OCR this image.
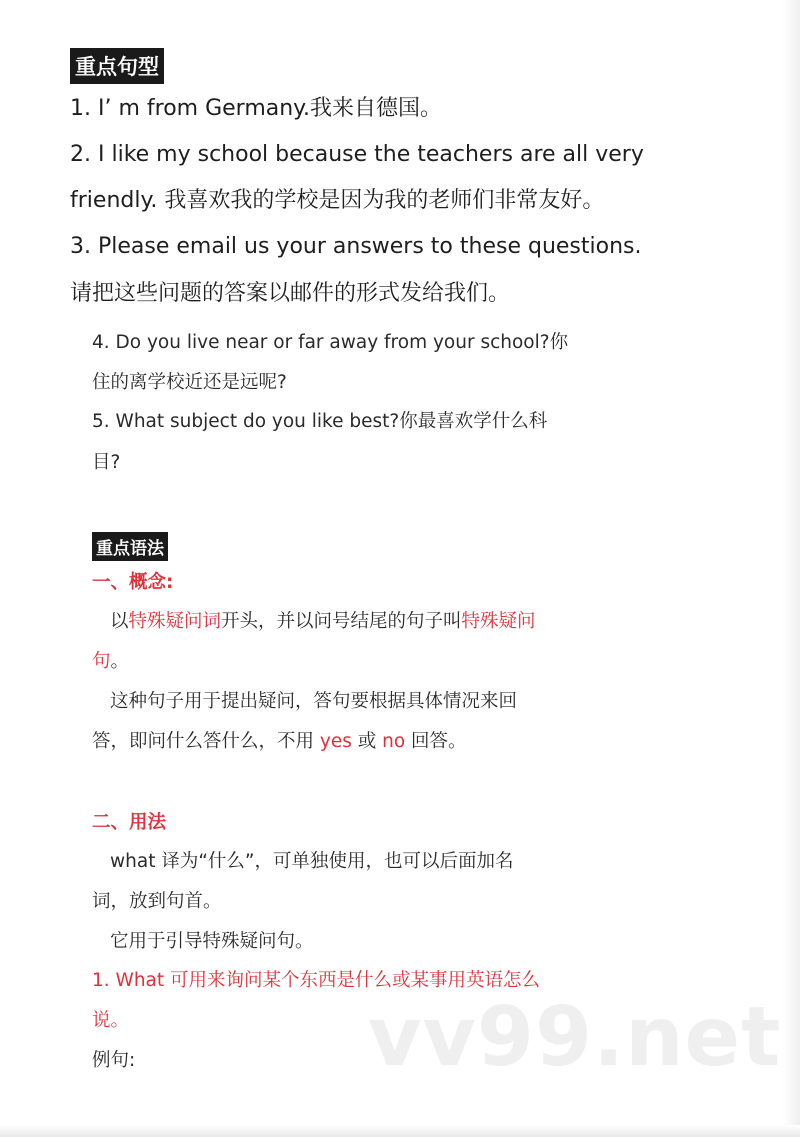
重点句型
1. I’ m from Germany.我来自德国。
2. I like my school because the teachers are all very
friendly. 我喜欢我的学校是因为我的老师们非常友好。
3. Please email us your answers to these questions.
请把这些问题的答案以邮件的形式发给我们。
4. Do you live near or far away from your school?你
住的离学校近还是远呢?
5. What subject do you like best?你最喜欢学什么科
目?
重点语法
一、概念:
以特殊疑问词开头，并以问号结尾的句子叫特殊疑问
句。
这种句子用于提出疑问，答句要根据具体情况来回
答，即问什么答什么，不用 yes 或 no 回答。
二、用法
what 译为“什么”，可单独使用，也可以后面加名
词，放到句首。
它用于引导特殊疑问句。
1. What 可用来询问某个东西是什么或某事用英语怎么
说。
例句:	vv99.net
